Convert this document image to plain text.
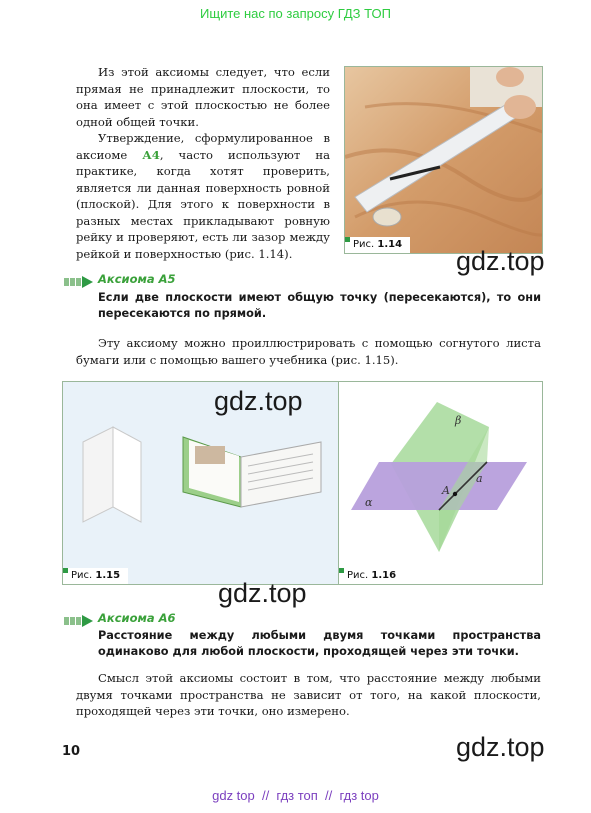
Ищите нас по запросу ГДЗ ТОП

Из этой аксиомы следует, что если прямая не принадлежит плоскости, то она имеет с этой плоскостью не более одной общей точки.

Утверждение, сформулированное в аксиоме А4, часто используют на практике, когда хотят проверить, является ли данная поверхность ровной (плоской). Для этого к поверхности в разных местах прикладывают ровную рейку и проверяют, есть ли зазор между рейкой и поверхностью (рис. 1.14).

Рис. 1.14
gdz.top
Аксиома А5
Если две плоскости имеют общую точку (пересекаются), то они пересекаются по прямой.

Эту аксиому можно проиллюстрировать с помощью согнутого листа бумаги или с помощью вашего учебника (рис. 1.15).

Рис. 1.15
gdz.top
β
α
a
A
Рис. 1.16
gdz.top
Аксиома А6
Расстояние между любыми двумя точками пространства одинаково для любой плоскости, проходящей через эти точки.

Смысл этой аксиомы состоит в том, что расстояние между любыми двумя точками пространства не зависит от того, на какой плоскости, проходящей через эти точки, оно измерено.

10	gdz.top
gdz top  //  гдз топ  //  гдз top
